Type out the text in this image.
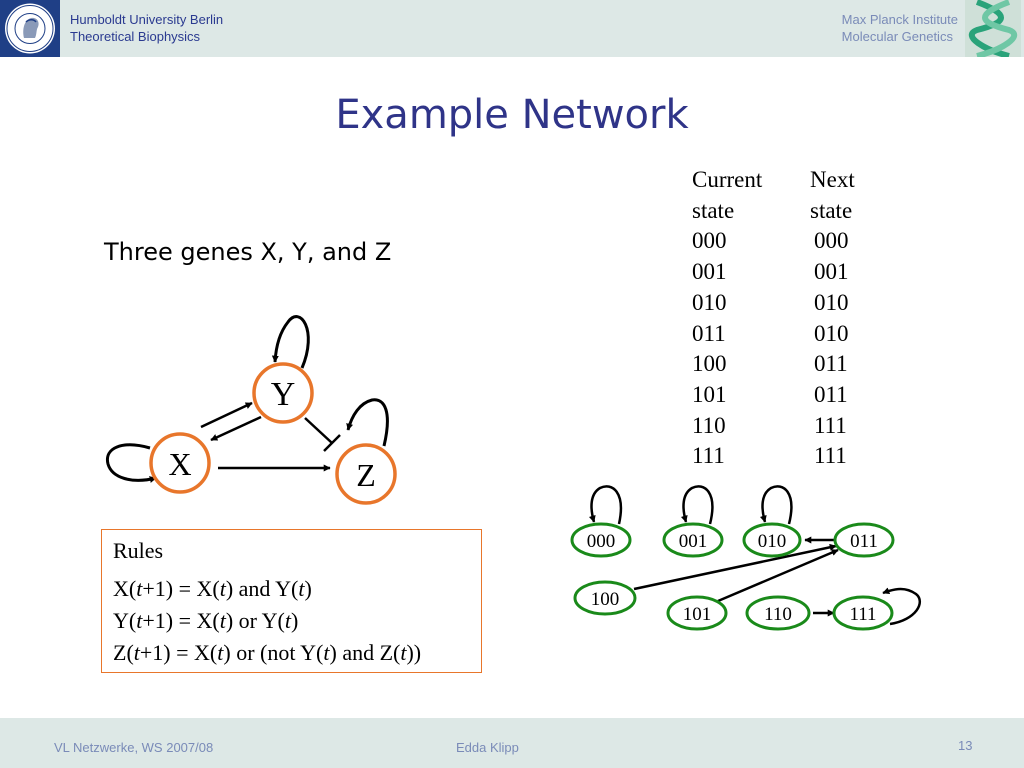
Humboldt University Berlin
Theoretical Biophysics
Max Planck Institute
Molecular Genetics
Example Network
Three genes X, Y, and Z
Y
X	Z
Current	Next
state	state
000	000
001	001
010	010
011	010
100	011
101	011
110	111
111	111
Rules
X(t+1) = X(t) and Y(t)
Y(t+1) = X(t) or Y(t)
Z(t+1) = X(t) or (not Y(t) and Z(t))
000	001	010	011
100
101	110	111
VL Netzwerke, WS 2007/08	Edda Klipp	13
